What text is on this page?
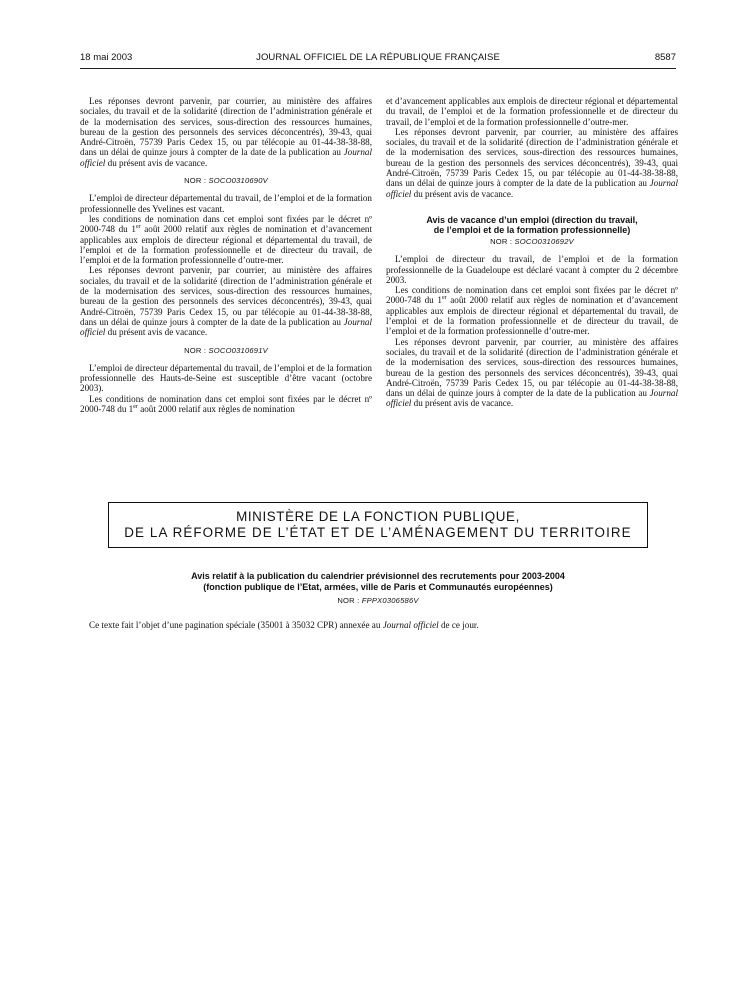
18 mai 2003	JOURNAL OFFICIEL DE LA RÉPUBLIQUE FRANÇAISE	8587

Les réponses devront parvenir, par courrier, au ministère des affaires sociales, du travail et de la solidarité (direction de l’administration générale et de la modernisation des services, sous-direction des ressources humaines, bureau de la gestion des personnels des services déconcentrés), 39-43, quai André-Citroën, 75739 Paris Cedex 15, ou par télécopie au 01-44-38-38-88, dans un délai de quinze jours à compter de la date de la publication au Journal officiel du présent avis de vacance.

NOR : SOCO0310690V

L’emploi de directeur départemental du travail, de l’emploi et de la formation professionnelle des Yvelines est vacant.

les conditions de nomination dans cet emploi sont fixées par le décret nº 2000-748 du 1er août 2000 relatif aux règles de nomination et d’avancement applicables aux emplois de directeur régional et départemental du travail, de l’emploi et de la formation professionnelle et de directeur du travail, de l’emploi et de la formation professionnelle d’outre-mer.

Les réponses devront parvenir, par courrier, au ministère des affaires sociales, du travail et de la solidarité (direction de l’administration générale et de la modernisation des services, sous-direction des ressources humaines, bureau de la gestion des personnels des services déconcentrés), 39-43, quai André-Citroën, 75739 Paris Cedex 15, ou par télécopie au 01-44-38-38-88, dans un délai de quinze jours à compter de la date de la publication au Journal officiel du présent avis de vacance.

NOR : SOCO0310691V

L’emploi de directeur départemental du travail, de l’emploi et de la formation professionnelle des Hauts-de-Seine est susceptible d’être vacant (octobre 2003).

Les conditions de nomination dans cet emploi sont fixées par le décret nº 2000-748 du 1er août 2000 relatif aux règles de nomination

et d’avancement applicables aux emplois de directeur régional et départemental du travail, de l’emploi et de la formation professionnelle et de directeur du travail, de l’emploi et de la formation professionnelle d’outre-mer.

Les réponses devront parvenir, par courrier, au ministère des affaires sociales, du travail et de la solidarité (direction de l’administration générale et de la modernisation des services, sous-direction des ressources humaines, bureau de la gestion des personnels des services déconcentrés), 39-43, quai André-Citroën, 75739 Paris Cedex 15, ou par télécopie au 01-44-38-38-88, dans un délai de quinze jours à compter de la date de la publication au Journal officiel du présent avis de vacance.

Avis de vacance d’un emploi (direction du travail,
de l’emploi et de la formation professionnelle)
NOR : SOCO0310692V

L’emploi de directeur du travail, de l’emploi et de la formation professionnelle de la Guadeloupe est déclaré vacant à compter du 2 décembre 2003.

Les conditions de nomination dans cet emploi sont fixées par le décret nº 2000-748 du 1er août 2000 relatif aux règles de nomination et d’avancement applicables aux emplois de directeur régional et départemental du travail, de l’emploi et de la formation professionnelle et de directeur du travail, de l’emploi et de la formation professionnelle d’outre-mer.

Les réponses devront parvenir, par courrier, au ministère des affaires sociales, du travail et de la solidarité (direction de l’administration générale et de la modernisation des services, sous-direction des ressources humaines, bureau de la gestion des personnels des services déconcentrés), 39-43, quai André-Citroën, 75739 Paris Cedex 15, ou par télécopie au 01-44-38-38-88, dans un délai de quinze jours à compter de la date de la publication au Journal officiel du présent avis de vacance.

MINISTÈRE DE LA FONCTION PUBLIQUE,
DE LA RÉFORME DE L’ÉTAT ET DE L’AMÉNAGEMENT DU TERRITOIRE
Avis relatif à la publication du calendrier prévisionnel des recrutements pour 2003-2004
(fonction publique de l’Etat, armées, ville de Paris et Communautés européennes)
NOR : FPPX0306586V
Ce texte fait l’objet d’une pagination spéciale (35001 à 35032 CPR) annexée au Journal officiel de ce jour.
